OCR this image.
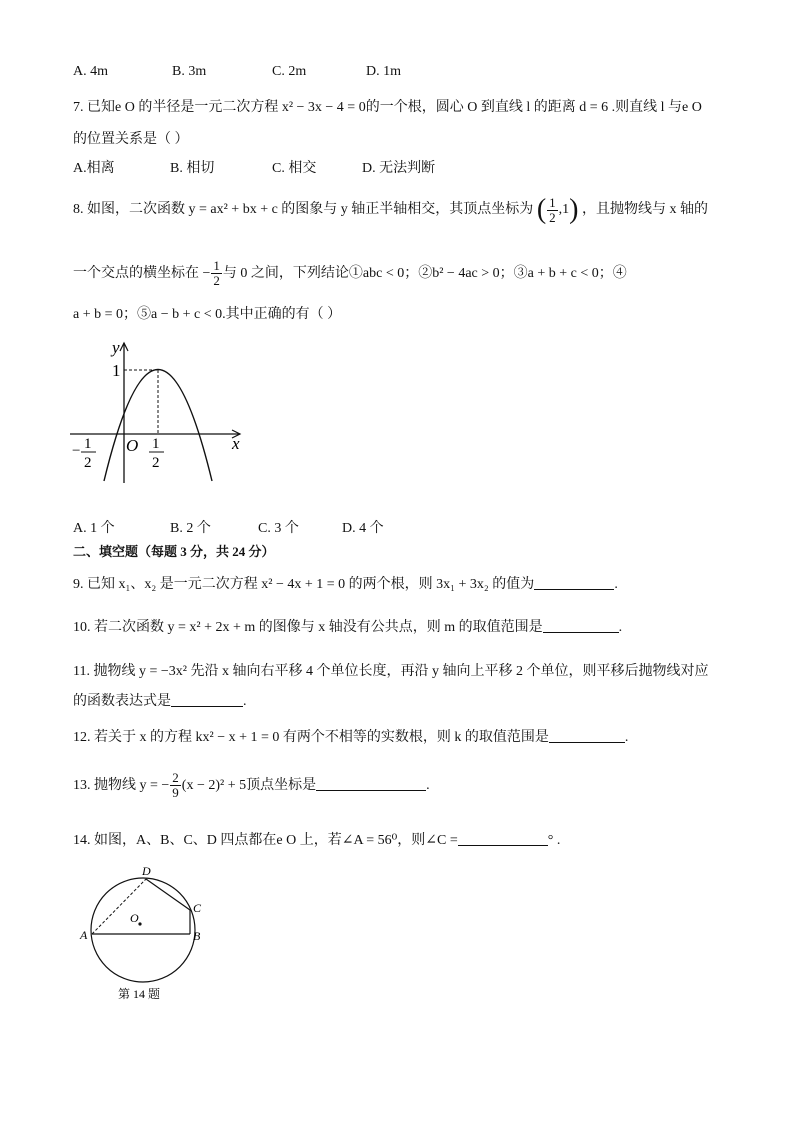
A. 4m	B. 3m	C. 2m	D. 1m
7. 已知e O 的半径是一元二次方程 x² − 3x − 4 = 0的一个根，圆心 O 到直线 l 的距离 d = 6 .则直线 l 与e O
的位置关系是（ ）
A.相离	B. 相切	C. 相交	D. 无法判断
8. 如图，二次函数 y = ax² + bx + c 的图象与 y 轴正半轴相交，其顶点坐标为 ( $\frac{1}{2} ,1$) ，且抛物线与 x 轴的
一个交点的横坐标在 − $\frac{1}{2}$ 与 0 之间，下列结论①abc < 0；②b² − 4ac > 0；③a + b + c < 0；④
a + b = 0；⑤a − b + c < 0.其中正确的有（ ）
y
x
O
1
− 1
2
1
2
A. 1 个	B. 2 个	C. 3 个	D. 4 个
二、填空题（每题 3 分，共 24 分）
9. 已知 x₁、x₂ 是一元二次方程 x² − 4x + 1 = 0 的两个根，则 3x₁ + 3x₂ 的值为	.
10. 若二次函数 y = x² + 2x + m 的图像与 x 轴没有公共点，则 m 的取值范围是	.
11. 抛物线 y = −3x² 先沿 x 轴向右平移 4 个单位长度，再沿 y 轴向上平移 2 个单位，则平移后抛物线对应
的函数表达式是	.
12. 若关于 x 的方程 kx² − x + 1 = 0 有两个不相等的实数根，则 k 的取值范围是	.
13. 抛物线 y = − $\frac{2}{9} (x - 2)^2 + 5$顶点坐标是	.
14. 如图，A、B、C、D 四点都在e O 上，若∠A = 56⁰，则∠C =	° .
A	B
C
D
O
第 14 题
